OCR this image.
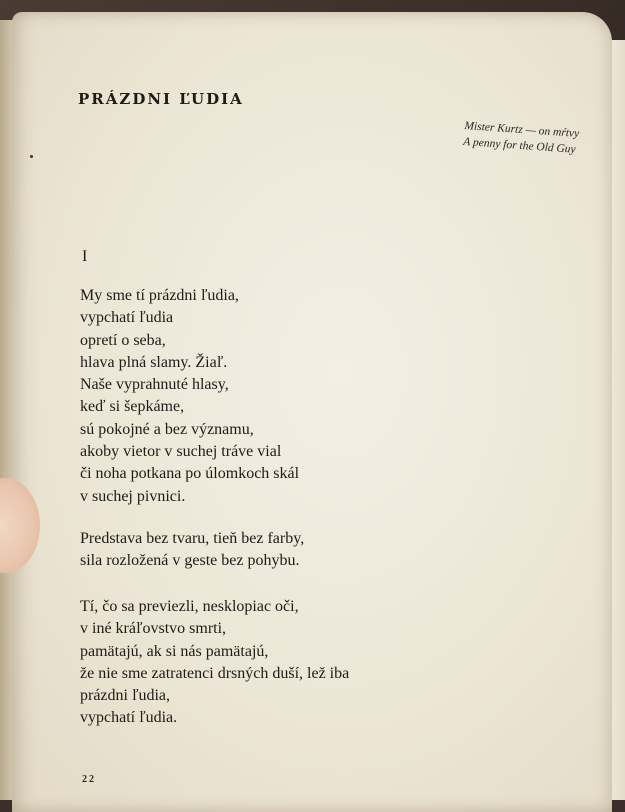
PRÁZDNI ĽUDIA
Mister Kurtz — on mŕtvy
A penny for the Old Guy
I
My sme tí prázdni ľudia,
vypchatí ľudia
opretí o seba,
hlava plná slamy. Žiaľ.
Naše vyprahnuté hlasy,
keď si šepkáme,
sú pokojné a bez významu,
akoby vietor v suchej tráve vial
či noha potkana po úlomkoch skál
v suchej pivnici.
Predstava bez tvaru, tieň bez farby,
sila rozložená v geste bez pohybu.
Tí, čo sa previezli, nesklopiac oči,
v iné kráľovstvo smrti,
pamätajú, ak si nás pamätajú,
že nie sme zatratenci drsných duší, lež iba
prázdni ľudia,
vypchatí ľudia.
22
